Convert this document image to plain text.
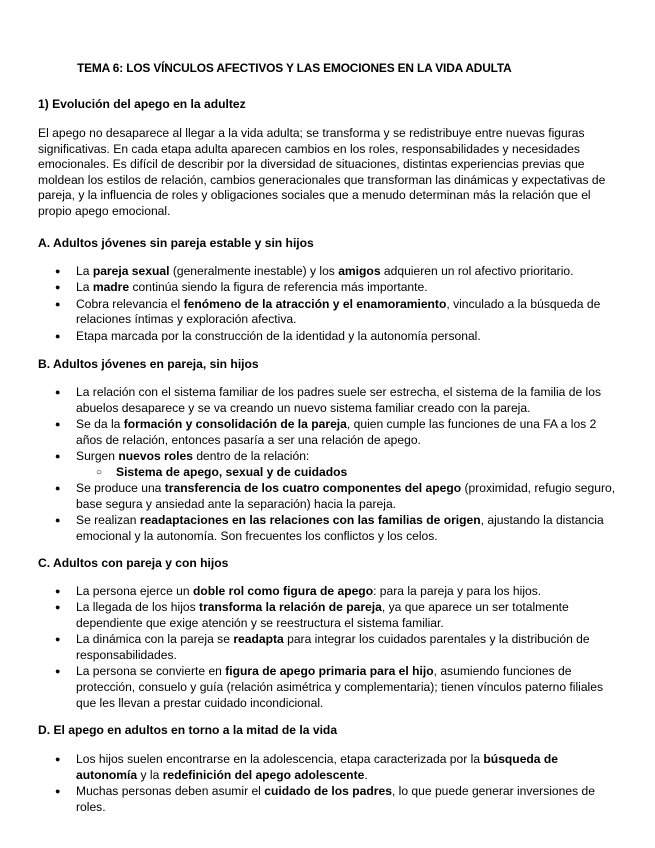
TEMA 6: LOS VÍNCULOS AFECTIVOS Y LAS EMOCIONES EN LA VIDA ADULTA
1) Evolución del apego en la adultez

El apego no desaparece al llegar a la vida adulta; se transforma y se redistribuye entre nuevas figuras significativas. En cada etapa adulta aparecen cambios en los roles, responsabilidades y necesidades emocionales. Es difícil de describir por la diversidad de situaciones, distintas experiencias previas que moldean los estilos de relación, cambios generacionales que transforman las dinámicas y expectativas de pareja, y la influencia de roles y obligaciones sociales que a menudo determinan más la relación que el propio apego emocional.

A. Adultos jóvenes sin pareja estable y sin hijos
● La pareja sexual (generalmente inestable) y los amigos adquieren un rol afectivo prioritario.
● La madre continúa siendo la figura de referencia más importante.
● Cobra relevancia el fenómeno de la atracción y el enamoramiento, vinculado a la búsqueda de relaciones íntimas y exploración afectiva.
● Etapa marcada por la construcción de la identidad y la autonomía personal.
B. Adultos jóvenes en pareja, sin hijos
● La relación con el sistema familiar de los padres suele ser estrecha, el sistema de la familia de los abuelos desaparece y se va creando un nuevo sistema familiar creado con la pareja.
● Se da la formación y consolidación de la pareja, quien cumple las funciones de una FA a los 2 años de relación, entonces pasaría a ser una relación de apego.
● Surgen nuevos roles dentro de la relación:
○ Sistema de apego, sexual y de cuidados
● Se produce una transferencia de los cuatro componentes del apego (proximidad, refugio seguro, base segura y ansiedad ante la separación) hacia la pareja.
● Se realizan readaptaciones en las relaciones con las familias de origen, ajustando la distancia emocional y la autonomía. Son frecuentes los conflictos y los celos.
C. Adultos con pareja y con hijos
● La persona ejerce un doble rol como figura de apego: para la pareja y para los hijos.
● La llegada de los hijos transforma la relación de pareja, ya que aparece un ser totalmente dependiente que exige atención y se reestructura el sistema familiar.
● La dinámica con la pareja se readapta para integrar los cuidados parentales y la distribución de responsabilidades.
● La persona se convierte en figura de apego primaria para el hijo, asumiendo funciones de protección, consuelo y guía (relación asimétrica y complementaria); tienen vínculos paterno filiales que les llevan a prestar cuidado incondicional.
D. El apego en adultos en torno a la mitad de la vida
● Los hijos suelen encontrarse en la adolescencia, etapa caracterizada por la búsqueda de autonomía y la redefinición del apego adolescente.
● Muchas personas deben asumir el cuidado de los padres, lo que puede generar inversiones de roles.
